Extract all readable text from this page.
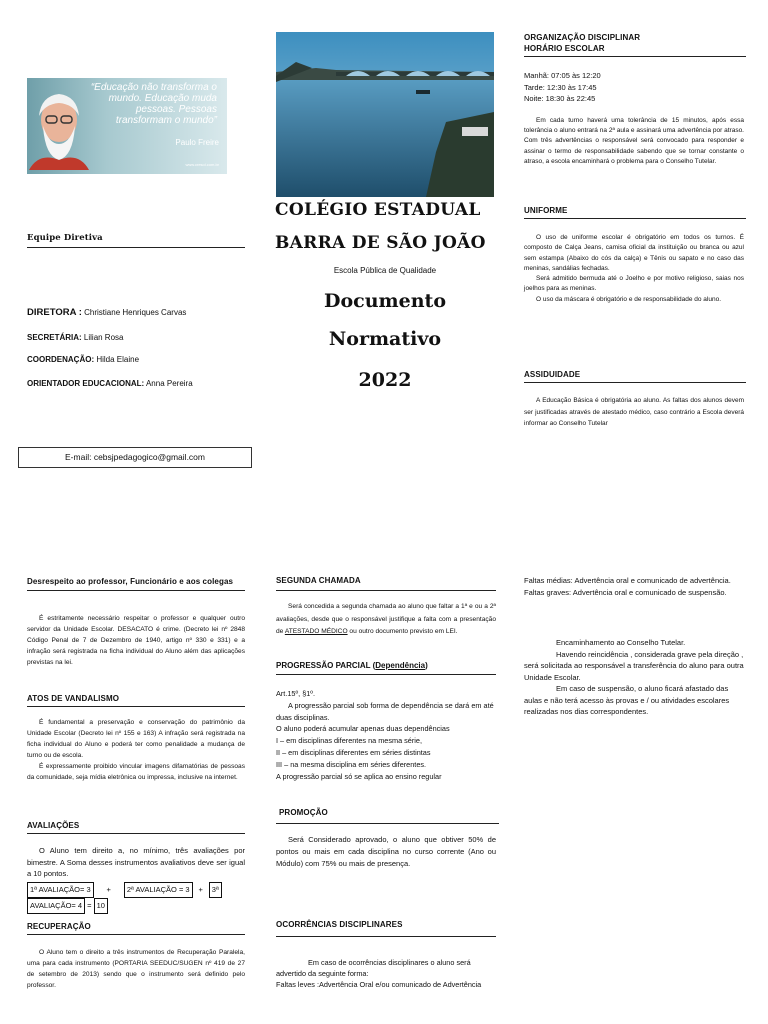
“Educação não transforma o mundo. Educação muda pessoas. Pessoas transformam o mundo”
Paulo Freire
www.cresol.com.br
Equipe Diretiva
DIRETORA : Christiane Henriques Carvas
SECRETÁRIA: Lilian Rosa
COORDENAÇÃO: Hilda Elaine
ORIENTADOR EDUCACIONAL: Anna Pereira
E-mail: cebsjpedagogico@gmail.com
COLÉGIO ESTADUAL
BARRA DE SÃO JOÃO
Escola Pública de Qualidade
Documento
Normativo
2022
ORGANIZAÇÃO DISCIPLINAR
HORÁRIO ESCOLAR
Manhã: 07:05 às 12:20
Tarde: 12:30 às 17:45
Noite: 18:30 às 22:45
Em cada turno haverá uma tolerância de 15 minutos, após essa tolerância o aluno entrará na 2ª aula e assinará uma advertência por atraso. Com três advertências o responsável será convocado para responder e assinar o termo de responsabilidade sabendo que se tornar constante o atraso, a escola encaminhará o problema para o Conselho Tutelar.
UNIFORME

O uso de uniforme escolar é obrigatório em todos os turnos. É composto de Calça Jeans, camisa oficial da instituição ou branca ou azul sem estampa (Abaixo do cós da calça) e Tênis ou sapato e no caso das meninas, sandálias fechadas.

Será admitido bermuda até o Joelho e por motivo religioso, saias nos joelhos para as meninas.

O uso da máscara é obrigatório e de responsabilidade do aluno.

ASSIDUIDADE
A Educação Básica é obrigatória ao aluno. As faltas dos alunos devem ser justificadas através de atestado médico, caso contrário a Escola deverá informar ao Conselho Tutelar
Desrespeito ao professor, Funcionário e aos colegas
É estritamente necessário respeitar o professor e qualquer outro servidor da Unidade Escolar. DESACATO é crime. (Decreto lei nº 2848 Código Penal de 7 de Dezembro de 1940, artigo nº 330 e 331) e a infração será registrada na ficha individual do Aluno além das aplicações previstas na lei.
ATOS DE VANDALISMO

É fundamental a preservação e conservação do patrimônio da Unidade Escolar (Decreto lei nº 155 e 163) A infração será registrada na ficha individual do Aluno e poderá ter como penalidade a mudança de turno ou de escola.

É expressamente proibido vincular imagens difamatórias de pessoas da comunidade, seja mídia eletrônica ou impressa, inclusive na internet.

AVALIAÇÕES
O Aluno tem direito a, no mínimo, três avaliações por bimestre. A Soma desses instrumentos avaliativos deve ser igual a 10 pontos.
1ª AVALIAÇÃO= 3 + 2ª AVALIAÇÃO = 3 + 3ª
AVALIAÇÃO= 4 = 10
RECUPERAÇÃO
O Aluno tem o direito a três instrumentos de Recuperação Paralela, uma para cada instrumento (PORTARIA SEEDUC/SUGEN nº 419 de 27 de setembro de 2013) sendo que o instrumento será definido pelo professor.
SEGUNDA CHAMADA
Será concedida a segunda chamada ao aluno que faltar a 1ª e ou a 2ª avaliações, desde que o responsável justifique a falta com a presentação de ATESTADO MÉDICO ou outro documento previsto em LEI.
PROGRESSÃO PARCIAL (Dependência)

Art.15º, §1º.

A progressão parcial sob forma de dependência se dará em até duas disciplinas.

O aluno poderá acumular apenas duas dependências

I – em disciplinas diferentes na mesma série,

II – em disciplinas diferentes em séries distintas

III – na mesma disciplina em séries diferentes.

A progressão parcial só se aplica ao ensino regular

PROMOÇÃO
Será Considerado aprovado, o aluno que obtiver 50% de pontos ou mais em cada disciplina no curso corrente (Ano ou Módulo) com 75% ou mais de presença.
OCORRÊNCIAS DISCIPLINARES

Em caso de ocorrências disciplinares o aluno será advertido da seguinte forma:

Faltas leves :Advertência Oral e/ou comunicado de Advertência

Faltas médias: Advertência oral e comunicado de advertência.

Faltas graves: Advertência oral e comunicado de suspensão.

Encaminhamento ao Conselho Tutelar.

Havendo reincidência , considerada grave pela direção , será solicitada ao responsável a transferência do aluno para outra Unidade Escolar.

Em caso de suspensão, o aluno ficará afastado das aulas e não terá acesso às provas e / ou atividades escolares realizadas nos dias correspondentes.
